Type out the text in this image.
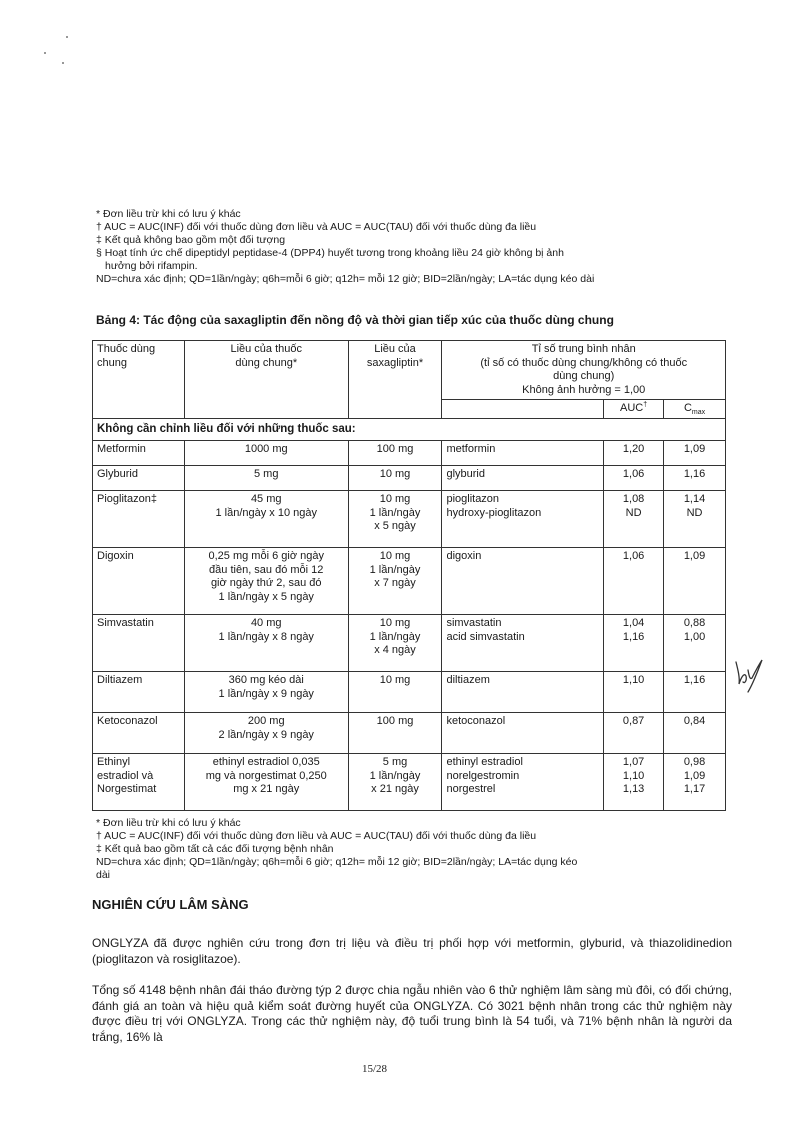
* Đơn liều trừ khi có lưu ý khác

† AUC = AUC(INF) đối với thuốc dùng đơn liều và AUC = AUC(TAU) đối với thuốc dùng đa liều

‡ Kết quả không bao gồm một đối tượng

§ Hoạt tính ức chế dipeptidyl peptidase-4 (DPP4) huyết tương trong khoảng liều 24 giờ không bị ảnh

hưởng bởi rifampin.

ND=chưa xác định; QD=1lần/ngày; q6h=mỗi 6 giờ; q12h= mỗi 12 giờ; BID=2lần/ngày; LA=tác dụng kéo dài

Bảng 4: Tác động của saxagliptin đến nồng độ và thời gian tiếp xúc của thuốc dùng chung
Thuốc dùng
chung	Liều của thuốc
dùng chung*	Liều của
saxagliptin*	Tỉ số trung bình nhân
(tỉ số có thuốc dùng chung/không có thuốc
dùng chung)
Không ảnh hưởng = 1,00		
				AUC†	$C_{max}$
Không cần chỉnh liều đối với những thuốc sau:					
Metformin	1000 mg	100 mg	metformin	1,20	1,09
Glyburid	5 mg	10 mg	glyburid	1,06	1,16
Pioglitazon‡	45 mg
1 lần/ngày x 10 ngày	10 mg
1 lần/ngày
x 5 ngày	pioglitazon
hydroxy-pioglitazon	1,08
ND	1,14
ND
Digoxin	0,25 mg mỗi 6 giờ ngày
đầu tiên, sau đó mỗi 12
giờ ngày thứ 2, sau đó
1 lần/ngày x 5 ngày	10 mg
1 lần/ngày
x 7 ngày	digoxin	1,06	1,09
Simvastatin	40 mg
1 lần/ngày x 8 ngày	10 mg
1 lần/ngày
x 4 ngày	simvastatin
acid simvastatin	1,04
1,16	0,88
1,00
Diltiazem	360 mg kéo dài
1 lần/ngày x 9 ngày	10 mg	diltiazem	1,10	1,16
Ketoconazol	200 mg
2 lần/ngày x 9 ngày	100 mg	ketoconazol	0,87	0,84
Ethinyl
estradiol và
Norgestimat	ethinyl estradiol 0,035
mg và norgestimat 0,250
mg x 21 ngày	5 mg
1 lần/ngày
x 21 ngày	ethinyl estradiol
norelgestromin
norgestrel	1,07
1,10
1,13	0,98
1,09
1,17

* Đơn liều trừ khi có lưu ý khác

† AUC = AUC(INF) đối với thuốc dùng đơn liều và AUC = AUC(TAU) đối với thuốc dùng đa liều

‡ Kết quả bao gồm tất cả các đối tượng bệnh nhân

ND=chưa xác định; QD=1lần/ngày; q6h=mỗi 6 giờ; q12h= mỗi 12 giờ; BID=2lần/ngày; LA=tác dụng kéo

dài

NGHIÊN CỨU LÂM SÀNG

ONGLYZA đã được nghiên cứu trong đơn trị liệu và điều trị phối hợp với metformin, glyburid, và thiazolidinedion (pioglitazon và rosiglitazoe).

Tổng số 4148 bệnh nhân đái tháo đường týp 2 được chia ngẫu nhiên vào 6 thử nghiệm lâm sàng mù đôi, có đối chứng, đánh giá an toàn và hiệu quả kiểm soát đường huyết của ONGLYZA. Có 3021 bệnh nhân trong các thử nghiệm này được điều trị với ONGLYZA. Trong các thử nghiệm này, độ tuổi trung bình là 54 tuổi, và 71% bệnh nhân là người da trắng, 16% là

15/28
